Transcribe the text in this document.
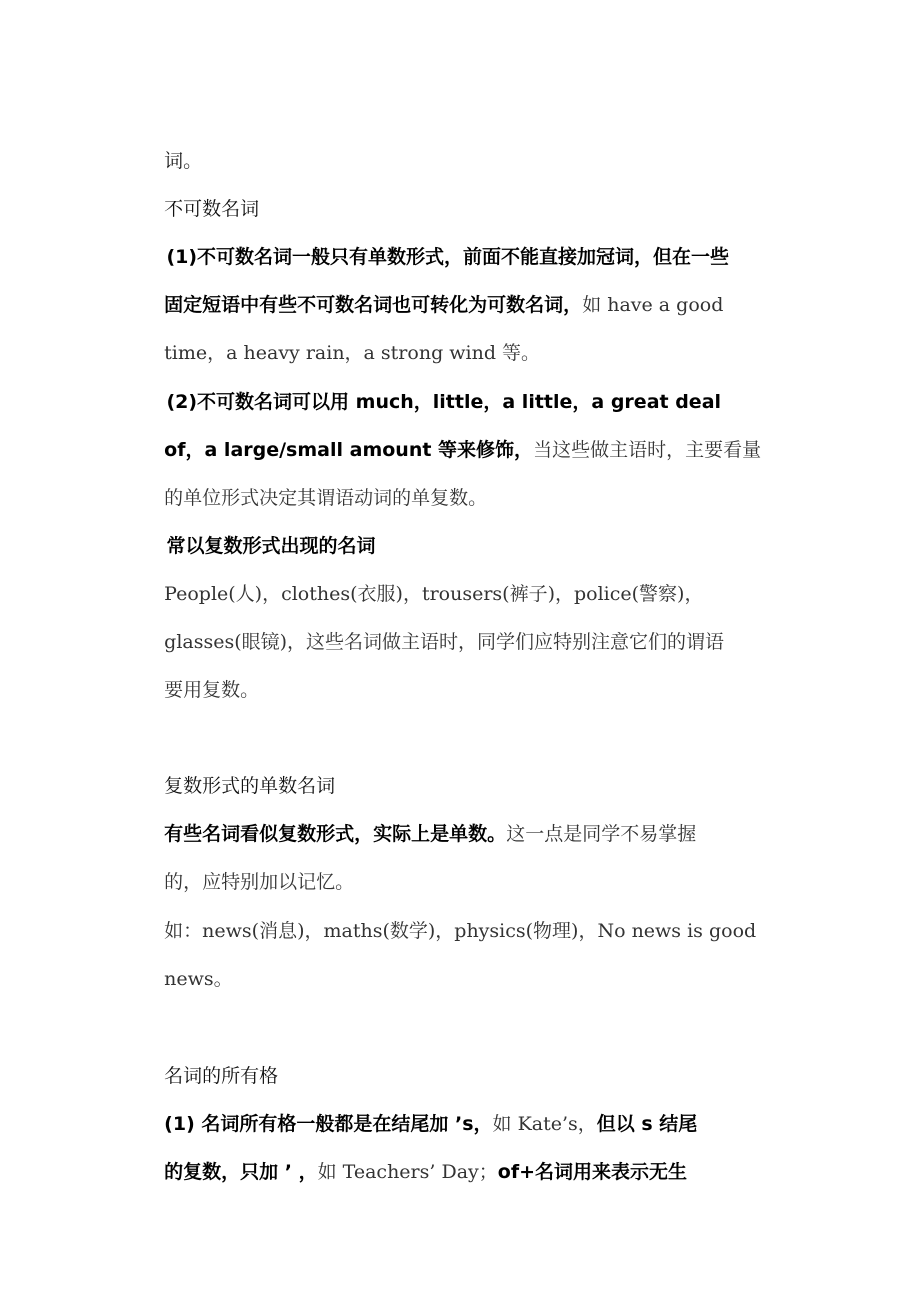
词。

不可数名词

(1)不可数名词一般只有单数形式，前面不能直接加冠词，但在一些

固定短语中有些不可数名词也可转化为可数名词，如 have a good

time，a heavy rain，a strong wind 等。

(2)不可数名词可以用 much，little，a little，a great deal

of，a large/small amount 等来修饰，当这些做主语时，主要看量

的单位形式决定其谓语动词的单复数。

常以复数形式出现的名词

People(人)，clothes(衣服)，trousers(裤子)，police(警察)，

glasses(眼镜)，这些名词做主语时，同学们应特别注意它们的谓语

要用复数。

复数形式的单数名词

有些名词看似复数形式，实际上是单数。这一点是同学不易掌握

的，应特别加以记忆。

如：news(消息)，maths(数学)，physics(物理)，No news is good

news。

名词的所有格

(1) 名词所有格一般都是在结尾加 ’s，如 Kate’s，但以 s 结尾

的复数，只加 ’ ，如 Teachers’ Day；of+名词用来表示无生
